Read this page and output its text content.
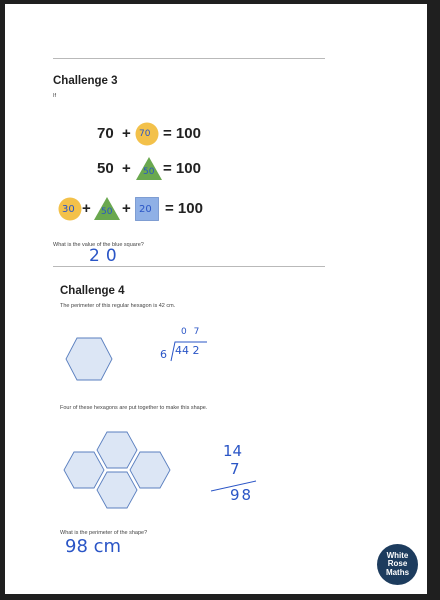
Challenge 3
If
70 + 70 = 100
50 + 50 = 100
30 + 50 + 20 = 100
What is the value of the blue square?
20
Challenge 4
The perimeter of this regular hexagon is 42 cm.
0 7
6 44 2
Four of these hexagons are put together to make this shape.
14
7
98
What is the perimeter of the shape?
98 cm	White
Rose
Maths
